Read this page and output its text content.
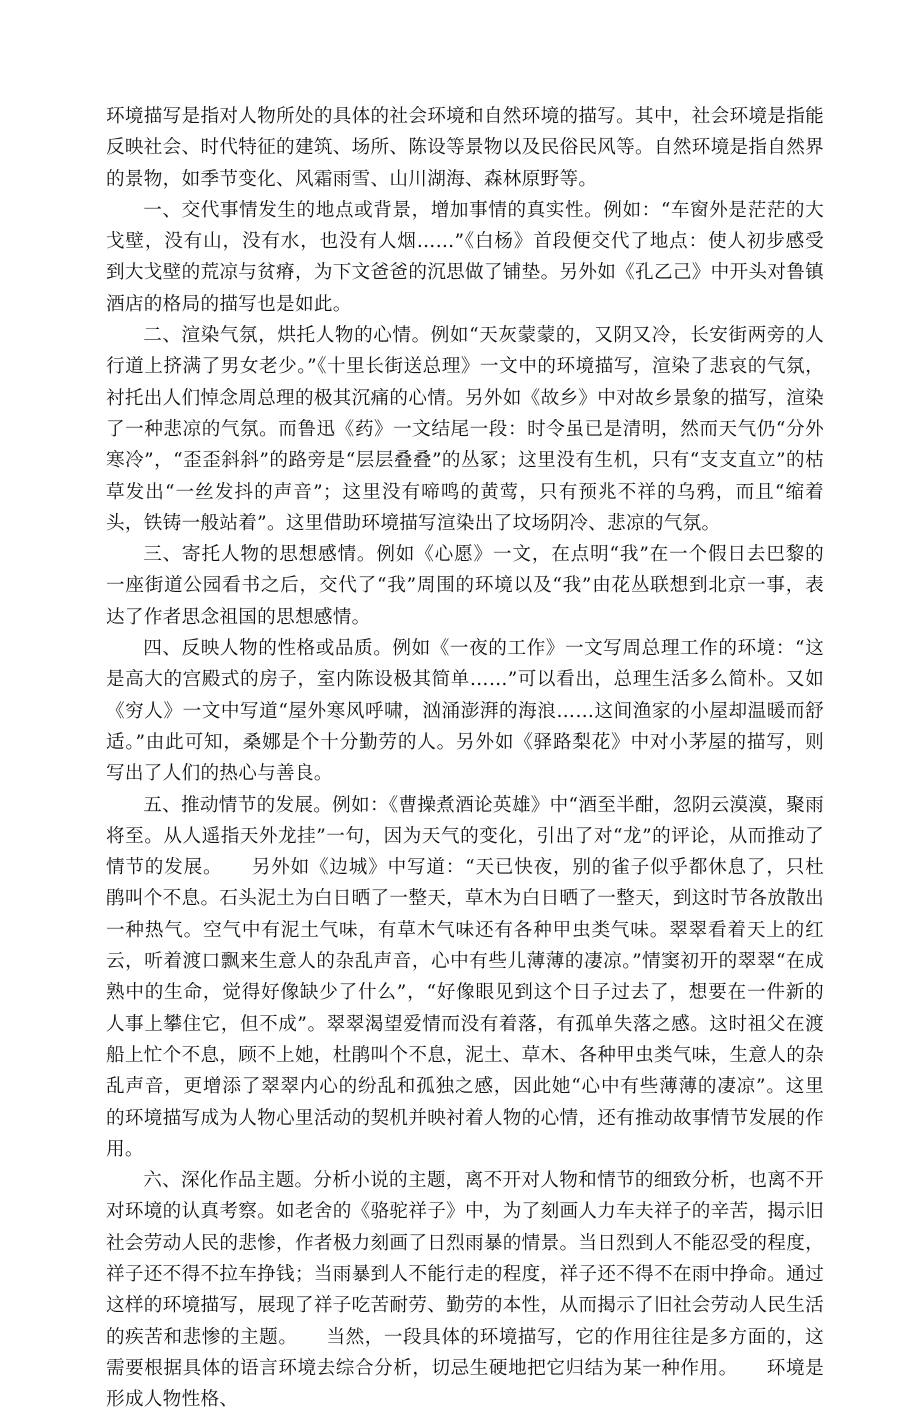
环境描写是指对人物所处的具体的社会环境和自然环境的描写。其中，社会环境是指能反映社会、时代特征的建筑、场所、陈设等景物以及民俗民风等。自然环境是指自然界的景物，如季节变化、风霜雨雪、山川湖海、森林原野等。

一、交代事情发生的地点或背景，增加事情的真实性。例如：“车窗外是茫茫的大戈壁，没有山，没有水，也没有人烟……”《白杨》首段便交代了地点：使人初步感受到大戈壁的荒凉与贫瘠，为下文爸爸的沉思做了铺垫。另外如《孔乙己》中开头对鲁镇酒店的格局的描写也是如此。

二、渲染气氛，烘托人物的心情。例如“天灰蒙蒙的，又阴又冷，长安街两旁的人行道上挤满了男女老少。”《十里长街送总理》一文中的环境描写，渲染了悲哀的气氛，衬托出人们悼念周总理的极其沉痛的心情。另外如《故乡》中对故乡景象的描写，渲染了一种悲凉的气氛。而鲁迅《药》一文结尾一段：时令虽已是清明，然而天气仍“分外寒冷”，“歪歪斜斜”的路旁是“层层叠叠”的丛冢；这里没有生机，只有“支支直立”的枯草发出“一丝发抖的声音”；这里没有啼鸣的黄莺，只有预兆不祥的乌鸦，而且“缩着头，铁铸一般站着”。这里借助环境描写渲染出了坟场阴冷、悲凉的气氛。

三、寄托人物的思想感情。例如《心愿》一文，在点明“我”在一个假日去巴黎的一座街道公园看书之后，交代了“我”周围的环境以及“我”由花丛联想到北京一事，表达了作者思念祖国的思想感情。

四、反映人物的性格或品质。例如《一夜的工作》一文写周总理工作的环境：“这是高大的宫殿式的房子，室内陈设极其简单……”可以看出，总理生活多么简朴。又如《穷人》一文中写道“屋外寒风呼啸，汹涌澎湃的海浪……这间渔家的小屋却温暖而舒适。”由此可知，桑娜是个十分勤劳的人。另外如《驿路梨花》中对小茅屋的描写，则写出了人们的热心与善良。

五、推动情节的发展。例如：《曹操煮酒论英雄》中“酒至半酣，忽阴云漠漠，聚雨将至。从人遥指天外龙挂”一句，因为天气的变化，引出了对“龙”的评论，从而推动了情节的发展。　　另外如《边城》中写道：“天已快夜，别的雀子似乎都休息了，只杜鹃叫个不息。石头泥土为白日晒了一整天，草木为白日晒了一整天，到这时节各放散出一种热气。空气中有泥土气味，有草木气味还有各种甲虫类气味。翠翠看着天上的红云，听着渡口飘来生意人的杂乱声音，心中有些儿薄薄的凄凉。”情窦初开的翠翠“在成熟中的生命，觉得好像缺少了什么”，“好像眼见到这个日子过去了，想要在一件新的人事上攀住它，但不成”。翠翠渴望爱情而没有着落，有孤单失落之感。这时祖父在渡船上忙个不息，顾不上她，杜鹃叫个不息，泥土、草木、各种甲虫类气味，生意人的杂乱声音，更增添了翠翠内心的纷乱和孤独之感，因此她“心中有些薄薄的凄凉”。这里的环境描写成为人物心里活动的契机并映衬着人物的心情，还有推动故事情节发展的作用。

六、深化作品主题。分析小说的主题，离不开对人物和情节的细致分析，也离不开对环境的认真考察。如老舍的《骆驼祥子》中，为了刻画人力车夫祥子的辛苦，揭示旧社会劳动人民的悲惨，作者极力刻画了日烈雨暴的情景。当日烈到人不能忍受的程度，祥子还不得不拉车挣钱；当雨暴到人不能行走的程度，祥子还不得不在雨中挣命。通过这样的环境描写，展现了祥子吃苦耐劳、勤劳的本性，从而揭示了旧社会劳动人民生活的疾苦和悲惨的主题。　　当然，一段具体的环境描写，它的作用往往是多方面的，这需要根据具体的语言环境去综合分析，切忌生硬地把它归结为某一种作用。　　环境是形成人物性格、
